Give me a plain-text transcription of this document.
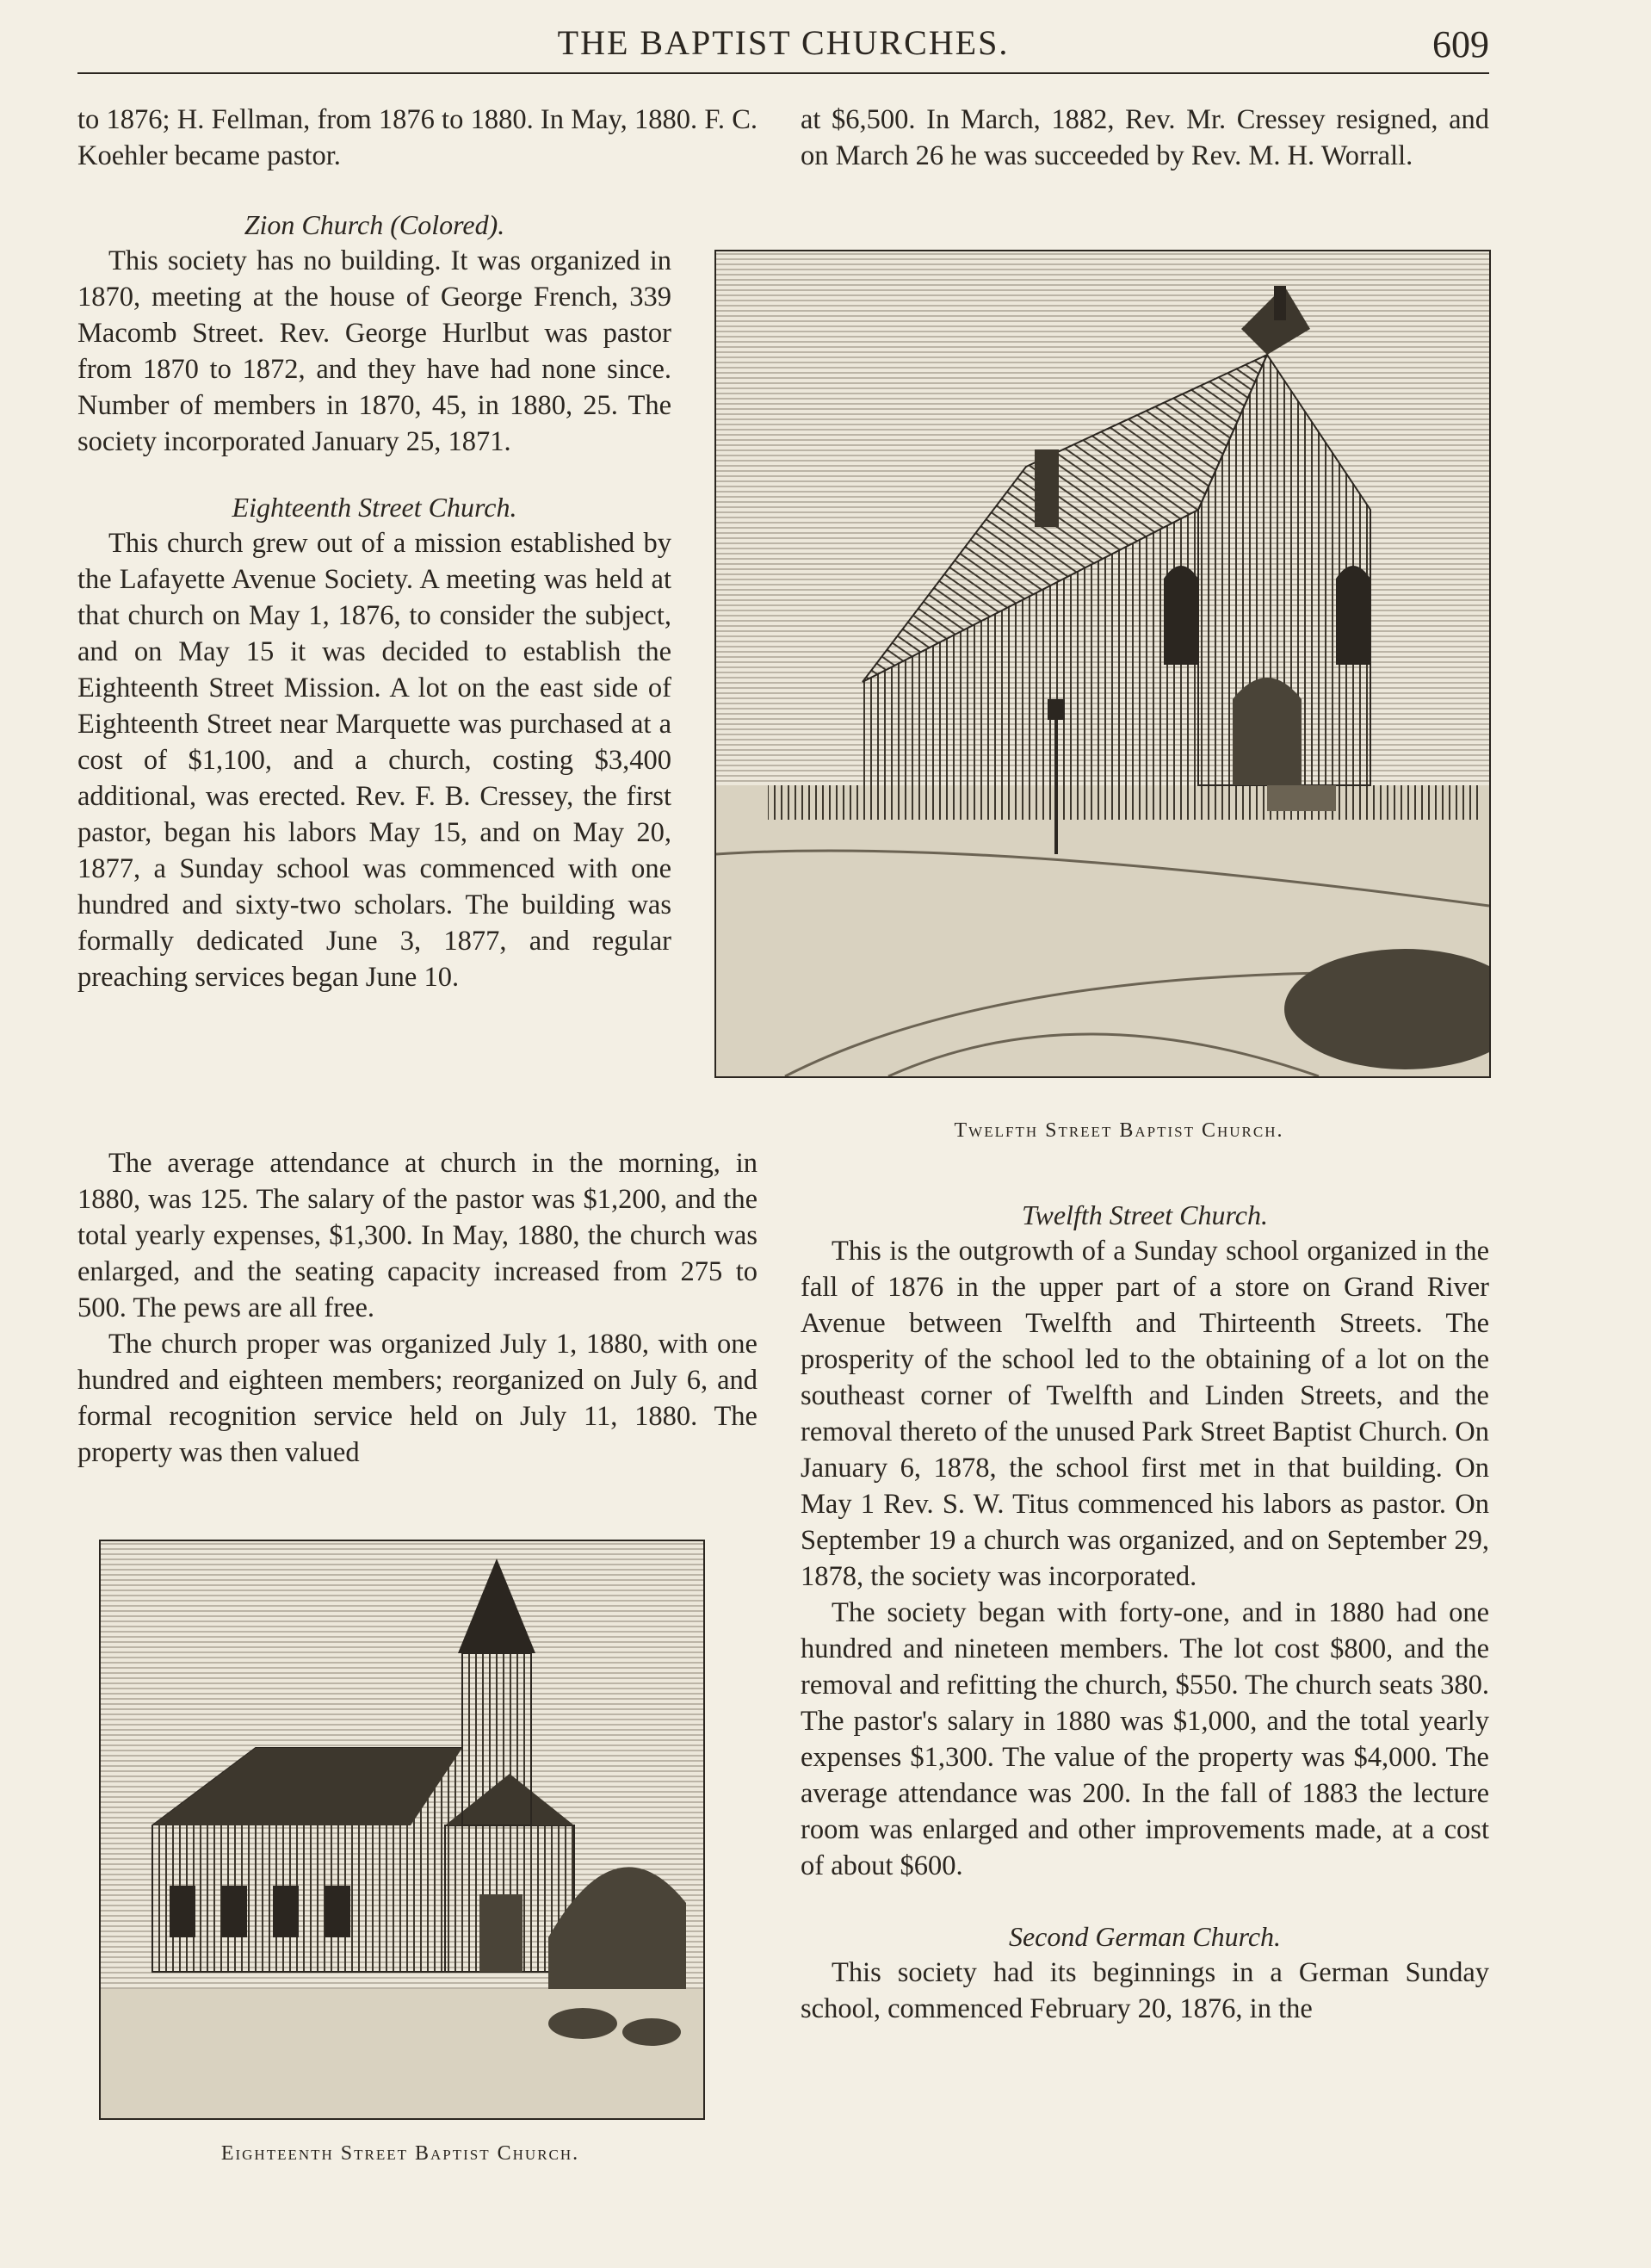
THE BAPTIST CHURCHES.	609

to 1876; H. Fellman, from 1876 to 1880. In May, 1880. F. C. Koehler became pastor.

Zion Church (Colored).

This society has no building. It was organized in 1870, meeting at the house of George French, 339 Macomb Street. Rev. George Hurlbut was pastor from 1870 to 1872, and they have had none since. Number of members in 1870, 45, in 1880, 25. The society incorporated January 25, 1871.

Eighteenth Street Church.

This church grew out of a mission established by the Lafayette Avenue Society. A meeting was held at that church on May 1, 1876, to consider the subject, and on May 15 it was decided to establish the Eighteenth Street Mission. A lot on the east side of Eighteenth Street near Marquette was purchased at a cost of $1,100, and a church, costing $3,400 additional, was erected. Rev. F. B. Cressey, the first pastor, began his labors May 15, and on May 20, 1877, a Sunday school was commenced with one hundred and sixty-two scholars. The building was formally dedicated June 3, 1877, and regular preaching services began June 10.

The average attendance at church in the morning, in 1880, was 125. The salary of the pastor was $1,200, and the total yearly expenses, $1,300. In May, 1880, the church was enlarged, and the seating capacity increased from 275 to 500. The pews are all free.

The church proper was organized July 1, 1880, with one hundred and eighteen members; reorganized on July 6, and formal recognition service held on July 11, 1880. The property was then valued

at $6,500. In March, 1882, Rev. Mr. Cressey resigned, and on March 26 he was succeeded by Rev. M. H. Worrall.

Twelfth Street Baptist Church.

Twelfth Street Church.

This is the outgrowth of a Sunday school organized in the fall of 1876 in the upper part of a store on Grand River Avenue between Twelfth and Thirteenth Streets. The prosperity of the school led to the obtaining of a lot on the southeast corner of Twelfth and Linden Streets, and the removal thereto of the unused Park Street Baptist Church. On January 6, 1878, the school first met in that building. On May 1 Rev. S. W. Titus commenced his labors as pastor. On September 19 a church was organized, and on September 29, 1878, the society was incorporated.

The society began with forty-one, and in 1880 had one hundred and nineteen members. The lot cost $800, and the removal and refitting the church, $550. The church seats 380. The pastor's salary in 1880 was $1,000, and the total yearly expenses $1,300. The value of the property was $4,000. The average attendance was 200. In the fall of 1883 the lecture room was enlarged and other improvements made, at a cost of about $600.

Second German Church.

This society had its beginnings in a German Sunday school, commenced February 20, 1876, in the

Eighteenth Street Baptist Church.
